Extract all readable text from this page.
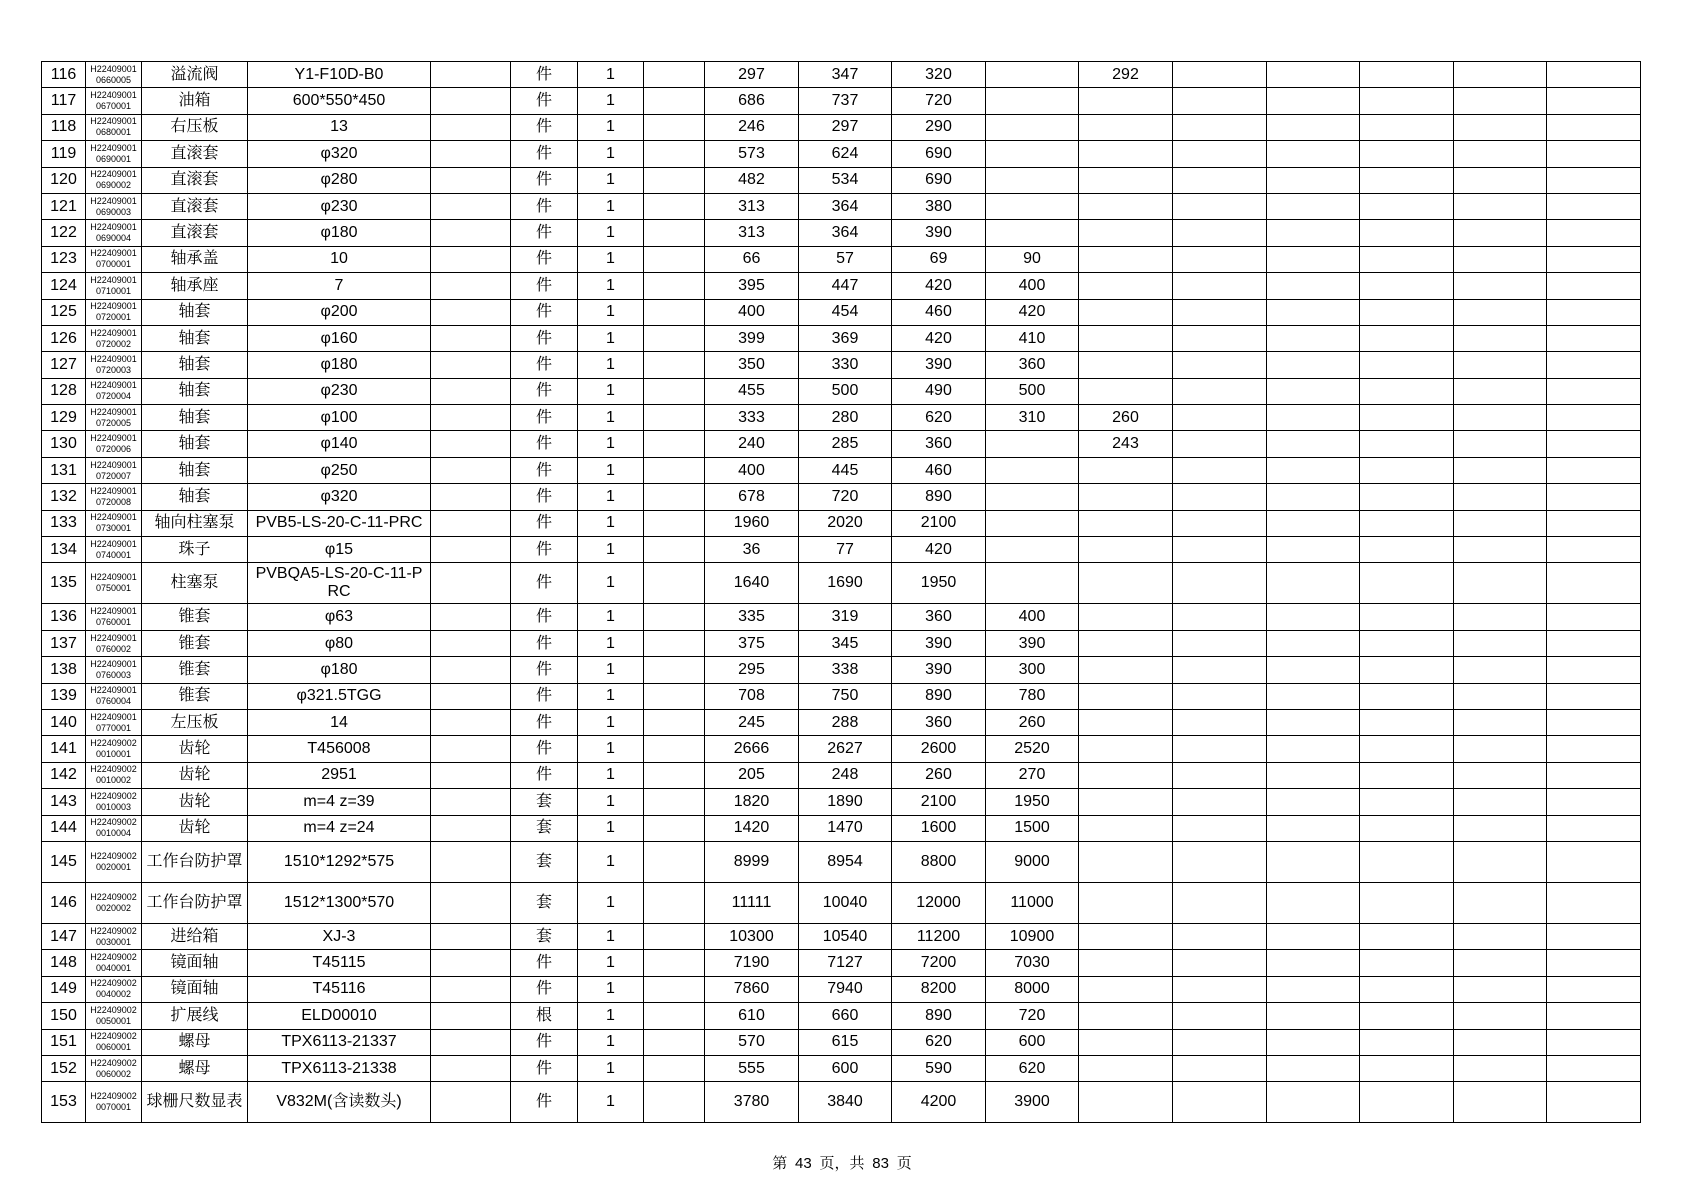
116	H22409001 0660005	溢流阀	Y1-F10D-B0		件	1		297	347	320		292					
117	H22409001 0670001	油箱	600*550*450		件	1		686	737	720							
118	H22409001 0680001	右压板	13		件	1		246	297	290							
119	H22409001 0690001	直滚套	φ320		件	1		573	624	690							
120	H22409001 0690002	直滚套	φ280		件	1		482	534	690							
121	H22409001 0690003	直滚套	φ230		件	1		313	364	380							
122	H22409001 0690004	直滚套	φ180		件	1		313	364	390							
123	H22409001 0700001	轴承盖	10		件	1		66	57	69	90						
124	H22409001 0710001	轴承座	7		件	1		395	447	420	400						
125	H22409001 0720001	轴套	φ200		件	1		400	454	460	420						
126	H22409001 0720002	轴套	φ160		件	1		399	369	420	410						
127	H22409001 0720003	轴套	φ180		件	1		350	330	390	360						
128	H22409001 0720004	轴套	φ230		件	1		455	500	490	500						
129	H22409001 0720005	轴套	φ100		件	1		333	280	620	310	260					
130	H22409001 0720006	轴套	φ140		件	1		240	285	360		243					
131	H22409001 0720007	轴套	φ250		件	1		400	445	460							
132	H22409001 0720008	轴套	φ320		件	1		678	720	890							
133	H22409001 0730001	轴向柱塞泵	PVB5-LS-20-C-11-PRC		件	1		1960	2020	2100							
134	H22409001 0740001	珠子	φ15		件	1		36	77	420							
135	H22409001 0750001	柱塞泵	PVBQA5-LS-20-C-11-PRC		件	1		1640	1690	1950							
136	H22409001 0760001	锥套	φ63		件	1		335	319	360	400						
137	H22409001 0760002	锥套	φ80		件	1		375	345	390	390						
138	H22409001 0760003	锥套	φ180		件	1		295	338	390	300						
139	H22409001 0760004	锥套	φ321.5TGG		件	1		708	750	890	780						
140	H22409001 0770001	左压板	14		件	1		245	288	360	260						
141	H22409002 0010001	齿轮	T456008		件	1		2666	2627	2600	2520						
142	H22409002 0010002	齿轮	2951		件	1		205	248	260	270						
143	H22409002 0010003	齿轮	m=4 z=39		套	1		1820	1890	2100	1950						
144	H22409002 0010004	齿轮	m=4 z=24		套	1		1420	1470	1600	1500						
145	H22409002 0020001	工作台防护罩	1510*1292*575		套	1		8999	8954	8800	9000						
146	H22409002 0020002	工作台防护罩	1512*1300*570		套	1		11111	10040	12000	11000						
147	H22409002 0030001	进给箱	XJ-3		套	1		10300	10540	11200	10900						
148	H22409002 0040001	镜面轴	T45115		件	1		7190	7127	7200	7030						
149	H22409002 0040002	镜面轴	T45116		件	1		7860	7940	8200	8000						
150	H22409002 0050001	扩展线	ELD00010		根	1		610	660	890	720						
151	H22409002 0060001	螺母	TPX6113-21337		件	1		570	615	620	600						
152	H22409002 0060002	螺母	TPX6113-21338		件	1		555	600	590	620						
153	H22409002 0070001	球栅尺数显表	V832M(含读数头)		件	1		3780	3840	4200	3900						
第 43 页，共 83 页
